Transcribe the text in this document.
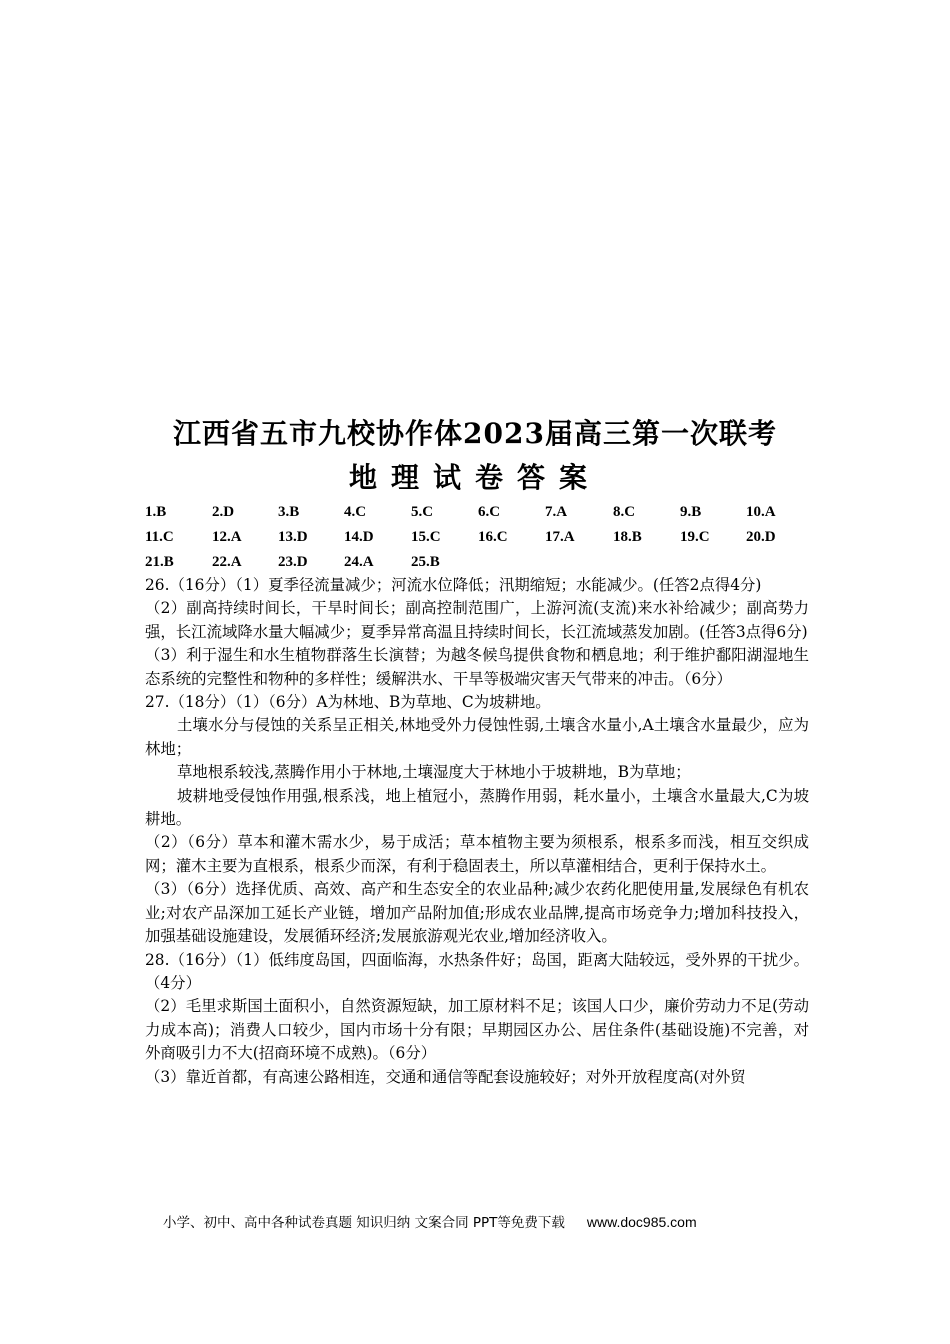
江西省五市九校协作体2023届高三第一次联考
地理试卷答案
1.B	2.D	3.B	4.C	5.C	6.C	7.A	8.C	9.B	10.A
11.C	12.A 13.D 14.D 15.C 16.C 17.A	18.B	19.C 20.D
21.B	22.A 23.D 24.A 25.B

26.（16分）（1）夏季径流量减少；河流水位降低；汛期缩短；水能减少。(任答2点得4分)

（2）副高持续时间长，干旱时间长；副高控制范围广，上游河流(支流)来水补给减少；副高势力强，长江流域降水量大幅减少；夏季异常高温且持续时间长，长江流域蒸发加剧。(任答3点得6分)

（3）利于湿生和水生植物群落生长演替；为越冬候鸟提供食物和栖息地；利于维护鄱阳湖湿地生态系统的完整性和物种的多样性；缓解洪水、干旱等极端灾害天气带来的冲击。（6分）

27.（18分）（1）（6分）A为林地、B为草地、C为坡耕地。

土壤水分与侵蚀的关系呈正相关,林地受外力侵蚀性弱,土壤含水量小,A土壤含水量最少，应为林地；

草地根系较浅,蒸腾作用小于林地,土壤湿度大于林地小于坡耕地，B为草地；

坡耕地受侵蚀作用强,根系浅，地上植冠小，蒸腾作用弱，耗水量小，土壤含水量最大,C为坡耕地。

（2）（6分）草本和灌木需水少，易于成活；草本植物主要为须根系，根系多而浅，相互交织成网；灌木主要为直根系，根系少而深，有利于稳固表土，所以草灌相结合，更利于保持水土。

（3）（6分）选择优质、高效、高产和生态安全的农业品种;减少农药化肥使用量,发展绿色有机农业;对农产品深加工延长产业链，增加产品附加值;形成农业品牌,提高市场竞争力;增加科技投入，加强基础设施建设，发展循环经济;发展旅游观光农业,增加经济收入。

28.（16分）（1）低纬度岛国，四面临海，水热条件好；岛国，距离大陆较远，受外界的干扰少。（4分）

（2）毛里求斯国土面积小，自然资源短缺，加工原材料不足；该国人口少，廉价劳动力不足(劳动力成本高)；消费人口较少，国内市场十分有限；早期园区办公、居住条件(基础设施)不完善，对外商吸引力不大(招商环境不成熟)。（6分）

（3）靠近首都，有高速公路相连，交通和通信等配套设施较好；对外开放程度高(对外贸

小学、初中、高中各种试卷真题 知识归纳 文案合同 PPT等免费下载 www.doc985.com
